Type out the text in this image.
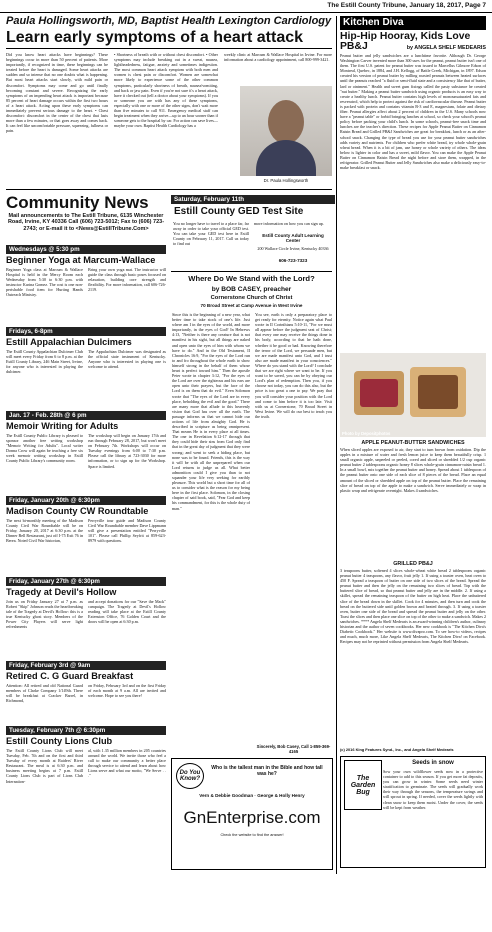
The Estill County Tribune, January 18, 2017, Page 7
Paula Hollingsworth, MD, Baptist Health Lexington Cardiology
Learn early symptoms of a heart attack

Did you know heart attacks have beginnings? These beginnings occur in more than 50 percent of patients. More importantly, if recognized in time, these beginnings can be treated before the heart is damaged. Some heart attacks are sudden and so intense that no one doubts what is happening. But most heart attacks start slowly, with mild pain or discomfort. Symptoms may come and go until finally becoming constant and severe. Recognizing the early symptoms of an impending heart attack is important because 85 percent of heart damage occurs within the first two hours of a heart attack. Acting upon these early symptoms can immediately prevent serious damage to the heart. • Chest discomfort: discomfort in the center of the chest that lasts more than a few minutes, or that goes away and comes back. It can feel like uncomfortable pressure, squeezing, fullness or pain.

• Shortness of breath with or without chest discomfort. • Other symptoms may include breaking out in a sweat, nausea, lightheadedness, fatigue, anxiety and sometimes indigestion. The most common heart attack symptom with both men and women is chest pain or discomfort. Women are somewhat more likely to experience some of the other common symptoms, particularly shortness of breath, nausea/vomiting, and back or jaw pain. Even if you're not sure it's a heart attack, have it checked out (tell a doctor about your symptoms). If you or someone you are with has any of these symptoms, especially with one or more of the other signs, don't wait more than five minutes to call 911. Emergency medical staff can begin treatment when they arrive—up to an hour sooner than if someone gets to the hospital by car. For action can save lives—maybe your own. Baptist Health Cardiology has a

weekly clinic at Marcum & Wallace Hospital in Irvine. For more information about a cardiology appointment, call 800-999-3421.

Dr. Paula Hollingsworth
Community News
Mail announcements to The Estill Tribune, 6135 Winchester Road, Irvine, KY 40336 Call (606) 723-5012; Fax to (606) 723-2743; or E-mail it to <News@EstillTribune.Com>
Wednesdays @ 5:30 pm
Beginner Yoga at Marcum-Wallace

Beginner Yoga class at Marcum & Wallace Hospital is held in the Mercy Room each Wednesday from 5:30 to 6:30 p.m. with instructor Karina Gomez. The cost is one non-perishable food item for Hurting Hands Outreach Ministry.

Bring your own yoga mat. The instructor will guide the class through basic poses focused on relaxation, building core strength and flexibility. For more information, call 606-726-2119.

Fridays, 6-8pm
Estill Appalachian Dulcimers

The Estill County Appalachian Dulcimer Club will meet every Friday from 6 to 8 p.m. at the Estill County Library, 246 Main Street, Irvine, for anyone who is interested in playing the dulcimer.

The Appalachian Dulcimer was designated as the official state instrument of Kentucky. Anyone who is interested in playing one is welcome to attend.

Jan. 17 - Feb. 28th @ 6 pm
Memoir Writing for Adults

The Estill County Public Library is pleased to sponsor another free writing workshop "Memoir Writing for Adults". Local writer Donna Crow will again be teaching a free six week memoir writing workshop in Estill County Public Library's community room.

The workshop will begin on January 17th and run through February 28, 2017, but won't meet on February 7th. Workshops will occur on Tuesday evenings from 6:00 to 7:30 p.m. Please call the library at 723-3030 for more information, or to sign up for the Workshop. Space is limited.

Friday, January 20th @ 6:30pm
Madison County CW Roundtable

The next bi-monthly meeting of the Madison County Civil War Roundtable will be on Friday, January 20, 2017 at 6:30 p.m. at the Dinner Bell Restaurant, just off I-75 Exit 76 in Berea. Noted Civil War historian,

Perryville tour guide and Madison County Civil War Roundtable member Dave Lippmann will give a presentation entitled "Perryville 101". Please call Phillip Seyfrit at 859-623-8979 with questions.

Friday, January 27th @ 6:30pm
Tragedy at Devil's Hollow

Join us on Friday January 27 at 7 p.m. as Robert "Skip" Johnson reads the heartbreaking tale of the Tragedy at Devil's Hollow: this is a true Kentucky ghost story. Members of the Power City Players will serve light refreshments

and accept donations for our "Save the Mack" campaign. The Tragedy at Devil's Hollow reading will take place at the Estill County Extension Office, 76 Golden Court and the doors will be open at 6:30 p.m.

Friday, February 3rd @ 9am
Retired C. G Guard Breakfast

Attention: All retired and old National Guard members of Clarke Company 1/149th. There will be breakfast at Cracker Barrel, in Richmond,

on Friday, February 3rd and on the first Friday of each month at 9 a.m. All are invited and welcome. Hope to see you there!

Tuesday, February 7th @ 6:30pm
Estill County Lions Club

The Estill County Lions Club will meet Tuesday, Feb. 7th and on the first and third Tuesday of every month at Raiders' River Restaurant. The meal is at 6:30 p.m. and business meeting begins at 7 p.m. Estill County Lions Club is part of Lions Club Internation-

al, with 1.35 million members in 205 countries around the world. We invite those who feel a call to make our community a better place through service to attend and learn about how Lions serve and what our motto, "We Serve . . ."

Saturday, February 11th
Estill County GED Test Site

You no longer have to travel to a place far, far away in order to take your official GED test. You can take your GED test here in Estill County on February 11, 2017. Call us today to find out

more information on how you can sign up.

Estill County Adult Learning Center
200 Wallace Circle Irvine, Kentucky 40336
606-723-7323
Where Do We Stand with the Lord?
by BOB CASEY, preacher
Cornerstone Church of Christ
70 Broad Street at Camp Avenue in West Irvine

Since this is the beginning of a new year, what better time to take stock of one's life. Just where am I in the eyes of the world, and more importantly, in the eyes of God? In Hebrews 4:13, "Neither is there any creature that is not manifest in his sight, but all things are naked and open unto the eyes of him with whom we have to do." And in the Old Testament, II Chronicles 16:9, "For the eyes of the Lord run to and fro throughout the whole earth to show himself strong in the behalf of them whose heart is perfect toward him." Then the apostle Peter wrote in chapter 3:12, "For the eyes of the Lord are over the righteous and his ears are open unto their prayers, but the face of the Lord is on them that do evil." Even Solomon wrote that "The eyes of the Lord are in every place, beholding the evil and the good." There are many more that allude to this heavenly vision that God has over all the earth. The passage informs us that we cannot hide our actions of life from almighty God. He is described in scripture as being omnipresent. That means He is in every place at all times. The one in Revelation 6:12-17 through that they could hide their sins from God only find that in the great day of judgment that they were wrong; and went to seek a hiding place, but none was to be found. Friends, this is the way it will be with all the unprepared when our Lord returns to judge us all. What better admonition could I give you than to not squander your life very seeking for earthly pleasure. This world but a short time for all of us to consider what is the reason for my being here in the first place. Solomon, in the closing chapter of said book, said, "Fear God and keep his commandment, for this is the whole duty of man."

You see, earth is only a preparatory place to get ready for eternity. Notice again what Paul wrote in II Corinthians 5:10-11, "For we must all appear before the judgment seat of Christ; that every one may receive the things done in his body, according to that he hath done, whether it be good or bad. Knowing therefore the terror of the Lord, we persuade men, but we are made manifest unto God, and I trust also are made manifest in your consciences." Where do you stand with the Lord? I conclude that we are right where we want to be. If you want to be saved, you can be by obeying our Lord's plan of redemption. Then you, if you choose not today, you can do this also, but the price is too great a one to pay. We pray that you will consider your position with the Lord and come to him before it is too late. Visit with us at Cornerstone, 70 Broad Street in West Irvine. We will do our best to teach you the truth.

Sincerely, Bob Casey, Call 1-859-369-4165
Do You Know?
Who is the tallest man in the Bible and how tall was he?
Vern & Debbie Goodman · George & Holly Henry
GnEnterprise.com
Check the website to find the answer!
Kitchen Diva
Hip-Hip Hooray, Kids Love PB&J	by ANGELA SHELF MEDEARIS

Peanut butter and jelly sandwiches are a lunchtime favorite. Although Dr. George Washington Carver invented more than 300 uses for the peanut, peanut butter isn't one of them. The first U.S. patent for peanut butter was issued to Marcellus Gilmore Edson of Montreal, Quebec, in 1884, and J.H. Kellogg, of Battle Creek, Michigan, in 1897. Edson created his version of peanut butter by milling roasted peanuts between heated surfaces until the peanuts reached "a fluid or semi-fluid state and a consistency like that of butter, lard or ointment." Health and sweet gum fixings called the pasty substance he created "nut butter." Making a peanut butter sandwich using organic products is an easy way to create a healthy lunch. Peanut butter contains high levels of monounsaturated fats and resveratrol, which help to protect against the risk of cardiovascular disease. Peanut butter is packed with protein and contains vitamin B-3 and E, magnesium, folate and dietary fiber. Peanut allergies affect about 2 percent of children in the U.S. Many schools now have a "peanut table" or forbid bringing lunches at school, so check your school's peanut policy before packing your child's lunch. In some schools, peanut-free snack time and lunches are the teacher's direction. These recipes for Apple Peanut Butter on Cinnamon Raisin Bread and Grilled PB&J Sandwiches are great for breakfast, lunch or as an after-school snack. Changing the type of bread you use for your peanut butter sandwiches adds variety and nutrients. For children who prefer white bread, try whole whole-grain wheat bread. When it is a bit of jam, use honey or whole variety of others. The ideas below is lighter in color and has a sweet, mild flavor. You can make the Apple Peanut Butter on Cinnamon Raisin Bread the night before and store them, wrapped, in the refrigerator. Grilled Peanut Butter and Jelly Sandwiches also make a deliciously easy-to-make breakfast or snack.

Photo by Depositphotos
APPLE PEANUT-BUTTER SANDWICHES

When sliced apples are exposed to air, they start to turn brown from oxidation. Dip the apples in a mixture of water and fresh lemon juice to keep them beautifully crisp. 1 small organic apple, unpeeled or peeled, cored and sliced or shredded 1/2 cup organic peanut butter 2 tablespoons organic honey 8 slices whole-grain cinnamon-raisin bread 1. In a small bowl, mix together the peanut butter and honey. Spread about 1 tablespoon of the peanut butter onto one side of each slice of 8 pieces of the bread. Place an equal amount of the sliced or shredded apple on top of the peanut butter. Place the remaining slice of bread on top of the apple to make a sandwich. Serve immediately or wrap in plastic wrap and refrigerate overnight. Makes 4 sandwiches.

GRILLED PB&J

3 teaspoons butter, softened 4 slices whole-wheat white bread 2 tablespoons organic peanut butter 4 teaspoons, any flavor, fruit jelly 1. If using a toaster oven, heat oven to 450 F. Spread a teaspoon of butter on one side of two slices of the bread. Spread the peanut butter and then the jelly on the remaining two slices of bread. Top with the buttered slice of bread, so that peanut butter and jelly are in the middle. 2. If using a skillet, spread the remaining teaspoon of the butter on high heat. Place the unbuttered slice of the bread down in the skillet. Cook for 4 minutes, and then turn and cook the bread on the buttered side until golden brown and heated through. 3. If using a toaster oven, butter one side of the bread and spread the peanut butter and jelly on the other. Toast the slices and then place one slice on top of the other to make a sandwich. Makes 2 sandwiches. **** Angela Shelf Medearis is an award-winning children's author, culinary historian and the author of seven cookbooks. Her new cookbook is "The Kitchen Diva's Diabetic Cookbook." Her website is www.divapro.com. To see how-to videos, recipes and much, much more, Like Angela Shelf Medearis, The Kitchen Diva! on Facebook. Recipes may not be reprinted without permission from Angela Shelf Medearis.

(c) 2016 King Features Synd., Inc., and Angela Shelf Medearis
The Garden Bug
Seeds in snow

Sow your own wildflower seeds now in a protective container to add to this season. If you get more fat deposits, you can grow in winter. Some seeds need winter stratification to germinate. The seeds will gradually work their way through the seasons, the temperature swings and will sprout in spring. If needed, cover the seeds lightly with clean snow to keep them moist. Under the cover, the seeds will be kept from weather.
